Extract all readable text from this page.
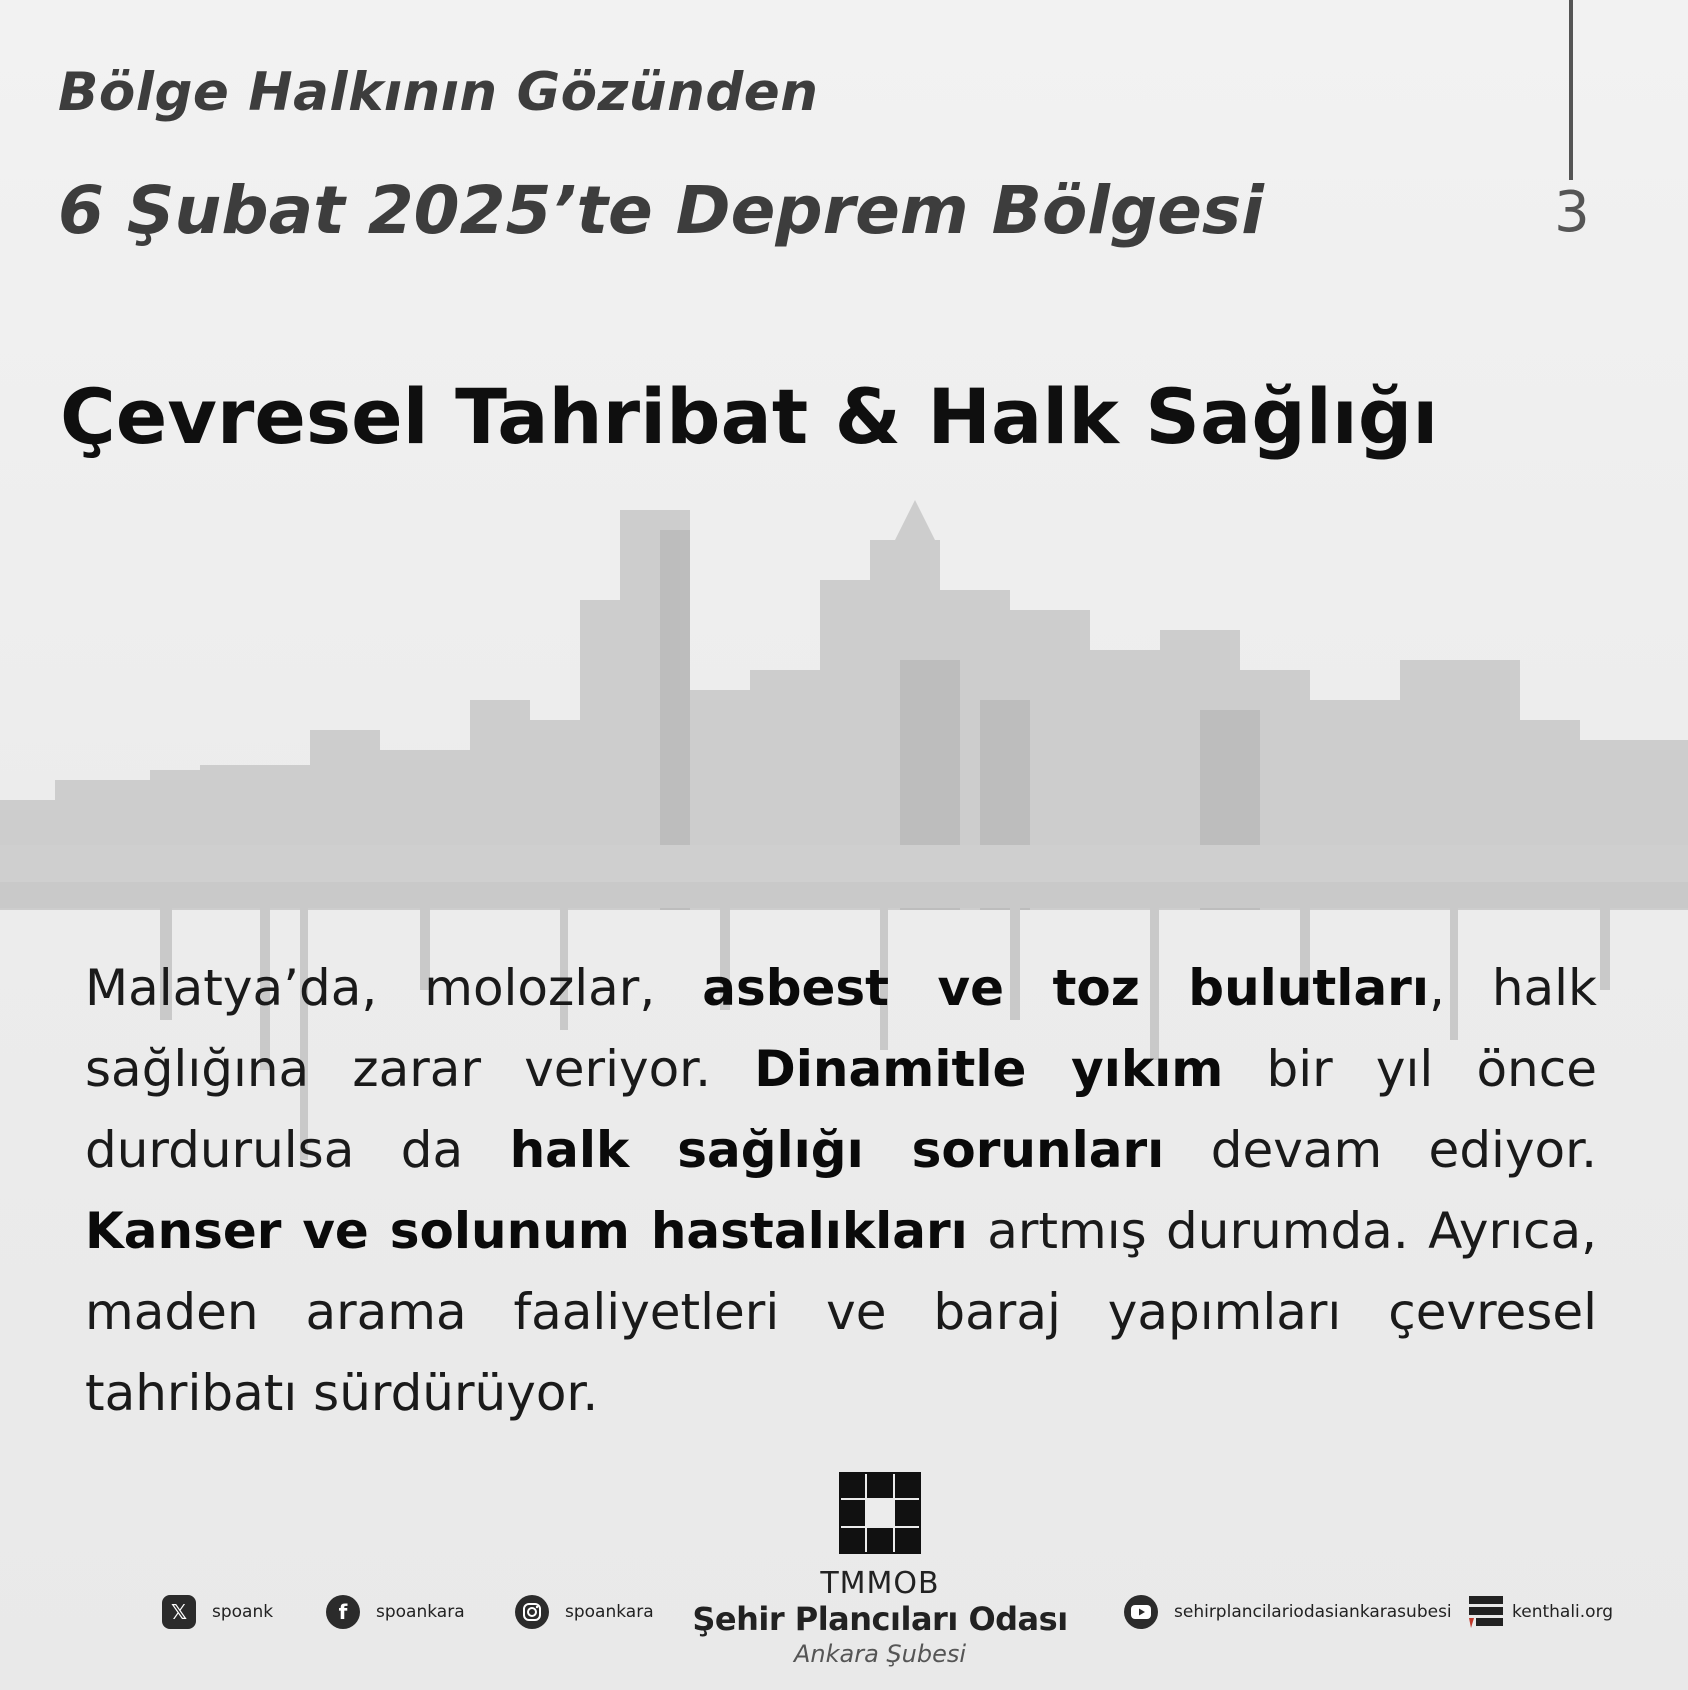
Bölge Halkının Gözünden
6 Şubat 2025’te Deprem Bölgesi	3
Çevresel Tahribat & Halk Sağlığı

Malatya’da, molozlar, asbest ve toz bulutları, halk sağlığına zarar veriyor. Dinamitle yıkım bir yıl önce durdurulsa da halk sağlığı sorunları devam ediyor. Kanser ve solunum hastalıkları artmış durumda. Ayrıca, maden arama faaliyetleri ve baraj yapımları çevresel tahribatı sürdürüyor.

TMMOB
Şehir Plancıları Odası
Ankara Şubesi
𝕏	spoank	f	spoankara	spoankara	sehirplancilariodasiankarasubesi	kenthali.org
